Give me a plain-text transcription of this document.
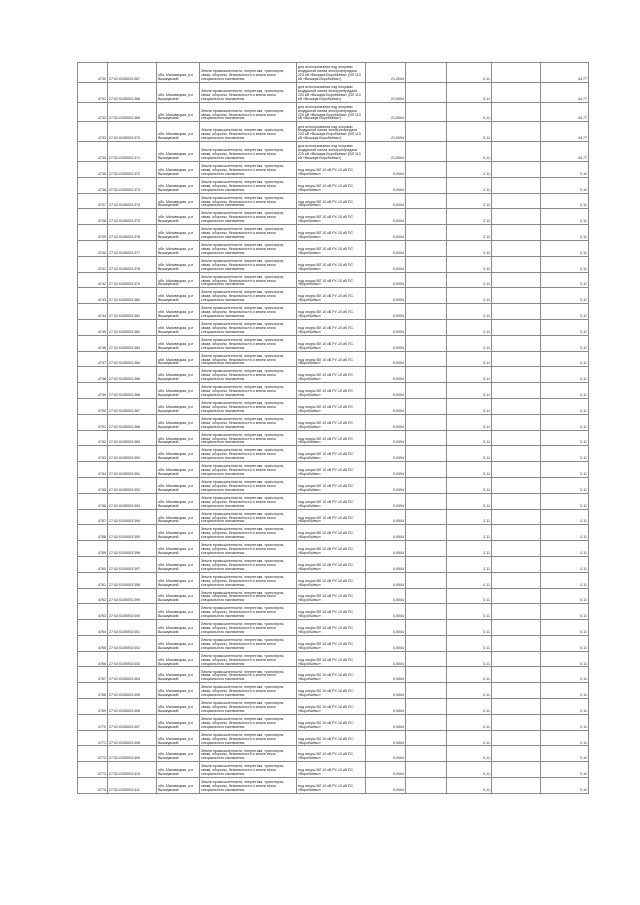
4730	27:02:0105003:367	обл. Мазовецкая, р-н Вышкувский	Земли промышленности, энергетики, транспорта, связи, обороны, безопасности и земли иного специального назначения	для использования под опорами воздушной линии электропередачи 220 кВ «Вышкув-Воробьёвы» (ВЛ 110 кВ «Вышкув-Воробьёвы»)	21,0004		0,11		44,77
4731	27:02:0105003:368	обл. Мазовецкая, р-н Вышкувский	Земли промышленности, энергетики, транспорта, связи, обороны, безопасности и земли иного специального назначения	для использования под опорами воздушной линии электропередачи 220 кВ «Вышкув-Воробьёвы» (ВЛ 110 кВ «Вышкув-Воробьёвы»)	21,0004		0,11		44,77
4732	27:02:0105003:369	обл. Мазовецкая, р-н Вышкувский	Земли промышленности, энергетики, транспорта, связи, обороны, безопасности и земли иного специального назначения	для использования под опорами воздушной линии электропередачи 220 кВ «Вышкув-Воробьёвы» (ВЛ 110 кВ «Вышкув-Воробьёвы»)	21,0004		0,11		44,77
4733	27:02:0105003:370	обл. Мазовецкая, р-н Вышкувский	Земли промышленности, энергетики, транспорта, связи, обороны, безопасности и земли иного специального назначения	для использования под опорами воздушной линии электропередачи 220 кВ «Вышкув-Воробьёвы» (ВЛ 110 кВ «Вышкув-Воробьёвы»)	21,0004		0,11		44,77
4734	27:02:0105003:371	обл. Мазовецкая, р-н Вышкувский	Земли промышленности, энергетики, транспорта, связи, обороны, безопасности и земли иного специального назначения	для использования под опорами воздушной линии электропередачи 220 кВ «Вышкув-Воробьёвы» (ВЛ 110 кВ «Вышкув-Воробьёвы»)	21,0004		0,11		44,77
4735	27:02:0105003:372	обл. Мазовецкая, р-н Вышкувский	Земли промышленности, энергетики, транспорта, связи, обороны, безопасности и земли иного специального назначения	под опоры ВЛ 10 кВ РУ-10 кВ ПС «Воробьёвы»	0,0004		2,11		0,11
4736	27:02:0105003:373	обл. Мазовецкая, р-н Вышкувский	Земли промышленности, энергетики, транспорта, связи, обороны, безопасности и земли иного специального назначения	под опоры ВЛ 10 кВ РУ-10 кВ ПС «Воробьёвы»	0,0004		2,11		0,11
4737	27:02:0105003:374	обл. Мазовецкая, р-н Вышкувский	Земли промышленности, энергетики, транспорта, связи, обороны, безопасности и земли иного специального назначения	под опоры ВЛ 10 кВ РУ-10 кВ ПС «Воробьёвы»	0,0004		2,11		0,11
4738	27:02:0105003:375	обл. Мазовецкая, р-н Вышкувский	Земли промышленности, энергетики, транспорта, связи, обороны, безопасности и земли иного специального назначения	под опоры ВЛ 10 кВ РУ-10 кВ ПС «Воробьёвы»	0,0004		2,11		0,11
4739	27:02:0105003:376	обл. Мазовецкая, р-н Вышкувский	Земли промышленности, энергетики, транспорта, связи, обороны, безопасности и земли иного специального назначения	под опоры ВЛ 10 кВ РУ-10 кВ ПС «Воробьёвы»	0,0004		2,11		0,11
4740	27:02:0105003:377	обл. Мазовецкая, р-н Вышкувский	Земли промышленности, энергетики, транспорта, связи, обороны, безопасности и земли иного специального назначения	под опоры ВЛ 10 кВ РУ-10 кВ ПС «Воробьёвы»	0,0004		0,11		0,11
4741	27:02:0105003:378	обл. Мазовецкая, р-н Вышкувский	Земли промышленности, энергетики, транспорта, связи, обороны, безопасности и земли иного специального назначения	под опоры ВЛ 10 кВ РУ-10 кВ ПС «Воробьёвы»	0,0004		0,11		0,11
4742	27:02:0105003:379	обл. Мазовецкая, р-н Вышкувский	Земли промышленности, энергетики, транспорта, связи, обороны, безопасности и земли иного специального назначения	под опоры ВЛ 10 кВ РУ-10 кВ ПС «Воробьёвы»	0,0004		0,11		0,11
4743	27:02:0105003:380	обл. Мазовецкая, р-н Вышкувский	Земли промышленности, энергетики, транспорта, связи, обороны, безопасности и земли иного специального назначения	под опоры ВЛ 10 кВ РУ-10 кВ ПС «Воробьёвы»	0,0004		0,11		0,11
4744	27:02:0105003:381	обл. Мазовецкая, р-н Вышкувский	Земли промышленности, энергетики, транспорта, связи, обороны, безопасности и земли иного специального назначения	под опоры ВЛ 10 кВ РУ-10 кВ ПС «Воробьёвы»	0,0004		0,11		0,11
4745	27:02:0105003:382	обл. Мазовецкая, р-н Вышкувский	Земли промышленности, энергетики, транспорта, связи, обороны, безопасности и земли иного специального назначения	под опоры ВЛ 10 кВ РУ-10 кВ ПС «Воробьёвы»	0,0004		0,11		0,11
4746	27:02:0105003:383	обл. Мазовецкая, р-н Вышкувский	Земли промышленности, энергетики, транспорта, связи, обороны, безопасности и земли иного специального назначения	под опоры ВЛ 10 кВ РУ-10 кВ ПС «Воробьёвы»	0,0004		0,11		0,11
4747	27:02:0105003:384	обл. Мазовецкая, р-н Вышкувский	Земли промышленности, энергетики, транспорта, связи, обороны, безопасности и земли иного специального назначения	под опоры ВЛ 10 кВ РУ-10 кВ ПС «Воробьёвы»	0,0004		0,11		0,11
4748	27:02:0105003:385	обл. Мазовецкая, р-н Вышкувский	Земли промышленности, энергетики, транспорта, связи, обороны, безопасности и земли иного специального назначения	под опоры ВЛ 10 кВ РУ-10 кВ ПС «Воробьёвы»	0,0004		0,11		0,11
4749	27:02:0105003:386	обл. Мазовецкая, р-н Вышкувский	Земли промышленности, энергетики, транспорта, связи, обороны, безопасности и земли иного специального назначения	под опоры ВЛ 10 кВ РУ-10 кВ ПС «Воробьёвы»	0,0004		0,11		0,11
4750	27:02:0105003:387	обл. Мазовецкая, р-н Вышкувский	Земли промышленности, энергетики, транспорта, связи, обороны, безопасности и земли иного специального назначения	под опоры ВЛ 10 кВ РУ-10 кВ ПС «Воробьёвы»	0,0004		0,11		0,11
4751	27:02:0105003:388	обл. Мазовецкая, р-н Вышкувский	Земли промышленности, энергетики, транспорта, связи, обороны, безопасности и земли иного специального назначения	под опоры ВЛ 10 кВ РУ-10 кВ ПС «Воробьёвы»	0,0004		0,11		0,11
4752	27:02:0105003:389	обл. Мазовецкая, р-н Вышкувский	Земли промышленности, энергетики, транспорта, связи, обороны, безопасности и земли иного специального назначения	под опоры ВЛ 10 кВ РУ-10 кВ ПС «Воробьёвы»	0,0004		0,11		0,11
4753	27:02:0105003:390	обл. Мазовецкая, р-н Вышкувский	Земли промышленности, энергетики, транспорта, связи, обороны, безопасности и земли иного специального назначения	под опоры ВЛ 10 кВ РУ-10 кВ ПС «Воробьёвы»	0,0004		0,11		0,11
4754	27:02:0105003:391	обл. Мазовецкая, р-н Вышкувский	Земли промышленности, энергетики, транспорта, связи, обороны, безопасности и земли иного специального назначения	под опоры ВЛ 10 кВ РУ-10 кВ ПС «Воробьёвы»	0,0004		0,11		0,11
4755	27:02:0105003:392	обл. Мазовецкая, р-н Вышкувский	Земли промышленности, энергетики, транспорта, связи, обороны, безопасности и земли иного специального назначения	под опоры ВЛ 10 кВ РУ-10 кВ ПС «Воробьёвы»	0,0004		0,11		0,11
4756	27:02:0105003:393	обл. Мазовецкая, р-н Вышкувский	Земли промышленности, энергетики, транспорта, связи, обороны, безопасности и земли иного специального назначения	под опоры ВЛ 10 кВ РУ-10 кВ ПС «Воробьёвы»	0,0004		0,11		0,11
4757	27:02:0105003:394	обл. Мазовецкая, р-н Вышкувский	Земли промышленности, энергетики, транспорта, связи, обороны, безопасности и земли иного специального назначения	под опоры ВЛ 10 кВ РУ-10 кВ ПС «Воробьёвы»	0,0004		2,11		0,11
4758	27:02:0105003:395	обл. Мазовецкая, р-н Вышкувский	Земли промышленности, энергетики, транспорта, связи, обороны, безопасности и земли иного специального назначения	под опоры ВЛ 10 кВ РУ-10 кВ ПС «Воробьёвы»	0,0004		2,11		0,11
4759	27:02:0105003:396	обл. Мазовецкая, р-н Вышкувский	Земли промышленности, энергетики, транспорта, связи, обороны, безопасности и земли иного специального назначения	под опоры ВЛ 10 кВ РУ-10 кВ ПС «Воробьёвы»	0,0004		2,11		0,11
4760	27:02:0105003:397	обл. Мазовецкая, р-н Вышкувский	Земли промышленности, энергетики, транспорта, связи, обороны, безопасности и земли иного специального назначения	под опоры ВЛ 10 кВ РУ-10 кВ ПС «Воробьёвы»	0,0004		2,11		0,11
4761	27:02:0105003:398	обл. Мазовецкая, р-н Вышкувский	Земли промышленности, энергетики, транспорта, связи, обороны, безопасности и земли иного специального назначения	под опоры ВЛ 10 кВ РУ-10 кВ ПС «Воробьёвы»	0,0004		0,11		0,11
4762	27:02:0105003:399	обл. Мазовецкая, р-н Вышкувский	Земли промышленности, энергетики, транспорта, связи, обороны, безопасности и земли иного специального назначения	под опоры ВЛ 10 кВ РУ-10 кВ ПС «Воробьёвы»	0,0004		0,11		0,11
4763	27:02:0105003:400	обл. Мазовецкая, р-н Вышкувский	Земли промышленности, энергетики, транспорта, связи, обороны, безопасности и земли иного специального назначения	под опоры ВЛ 10 кВ РУ-10 кВ ПС «Воробьёвы»	0,0004		0,11		0,11
4764	27:02:0105003:401	обл. Мазовецкая, р-н Вышкувский	Земли промышленности, энергетики, транспорта, связи, обороны, безопасности и земли иного специального назначения	под опоры ВЛ 10 кВ РУ-10 кВ ПС «Воробьёвы»	0,0004		0,11		0,11
4765	27:02:0105003:402	обл. Мазовецкая, р-н Вышкувский	Земли промышленности, энергетики, транспорта, связи, обороны, безопасности и земли иного специального назначения	под опоры ВЛ 10 кВ РУ-10 кВ ПС «Воробьёвы»	0,0004		0,11		0,11
4766	27:02:0105003:403	обл. Мазовецкая, р-н Вышкувский	Земли промышленности, энергетики, транспорта, связи, обороны, безопасности и земли иного специального назначения	под опоры ВЛ 10 кВ РУ-10 кВ ПС «Воробьёвы»	0,0004		0,11		0,11
4767	27:02:0105003:404	обл. Мазовецкая, р-н Вышкувский	Земли промышленности, энергетики, транспорта, связи, обороны, безопасности и земли иного специального назначения	под опоры ВЛ 10 кВ РУ-10 кВ ПС «Воробьёвы»	0,0004		0,11		0,11
4768	27:02:0105003:405	обл. Мазовецкая, р-н Вышкувский	Земли промышленности, энергетики, транспорта, связи, обороны, безопасности и земли иного специального назначения	под опоры ВЛ 10 кВ РУ-10 кВ ПС «Воробьёвы»	0,0004		0,11		0,11
4769	27:02:0105003:406	обл. Мазовецкая, р-н Вышкувский	Земли промышленности, энергетики, транспорта, связи, обороны, безопасности и земли иного специального назначения	под опоры ВЛ 10 кВ РУ-10 кВ ПС «Воробьёвы»	0,0004		0,11		0,11
4770	27:02:0105003:407	обл. Мазовецкая, р-н Вышкувский	Земли промышленности, энергетики, транспорта, связи, обороны, безопасности и земли иного специального назначения	под опоры ВЛ 10 кВ РУ-10 кВ ПС «Воробьёвы»	0,0004		0,11		0,11
4771	27:02:0105003:408	обл. Мазовецкая, р-н Вышкувский	Земли промышленности, энергетики, транспорта, связи, обороны, безопасности и земли иного специального назначения	под опоры ВЛ 10 кВ РУ-10 кВ ПС «Воробьёвы»	0,0004		0,11		0,11
4772	27:02:0105003:409	обл. Мазовецкая, р-н Вышкувский	Земли промышленности, энергетики, транспорта, связи, обороны, безопасности и земли иного специального назначения	под опоры ВЛ 10 кВ РУ-10 кВ ПС «Воробьёвы»	0,0004		0,11		0,11
4773	27:02:0105003:410	обл. Мазовецкая, р-н Вышкувский	Земли промышленности, энергетики, транспорта, связи, обороны, безопасности и земли иного специального назначения	под опоры ВЛ 10 кВ РУ-10 кВ ПС «Воробьёвы»	0,0004		0,11		0,11
4774	27:02:0105003:411	обл. Мазовецкая, р-н Вышкувский	Земли промышленности, энергетики, транспорта, связи, обороны, безопасности и земли иного специального назначения	под опоры ВЛ 10 кВ РУ-10 кВ ПС «Воробьёвы»	0,0004		0,11		0,11
